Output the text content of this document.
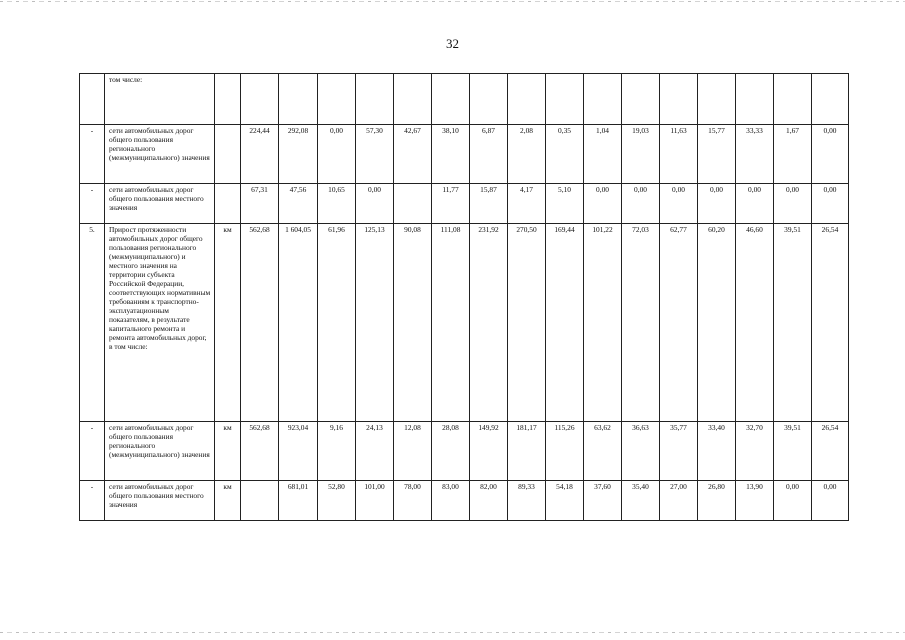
32
	том числе:																		
-	сети автомобильных дорог общего пользования регионального (межмуниципального) значения		224,44	292,08	0,00	57,30	42,67	38,10	6,87	2,08	0,35	1,04	19,03	11,63	15,77	33,33	1,67	0,00	
-	сети автомобильных дорог общего пользования местного значения		67,31	47,56	10,65	0,00		11,77	15,87	4,17	5,10	0,00	0,00	0,00	0,00	0,00	0,00	0,00	
5.	Прирост протяженности автомобильных дорог общего пользования регионального (межмуниципального) и местного значения на территории субъекта Российской Федерации, соответствующих нормативным требованиям к транспортно-эксплуатационным показателям, в результате капитального ремонта и ремонта автомобильных дорог, в том числе:	км	562,68	1 604,05	61,96	125,13	90,08	111,08	231,92	270,50	169,44	101,22	72,03	62,77	60,20	46,60	39,51	26,54	
-	сети автомобильных дорог общего пользования регионального (межмуниципального) значения	км	562,68	923,04	9,16	24,13	12,08	28,08	149,92	181,17	115,26	63,62	36,63	35,77	33,40	32,70	39,51	26,54	
-	сети автомобильных дорог общего пользования местного значения	км		681,01	52,80	101,00	78,00	83,00	82,00	89,33	54,18	37,60	35,40	27,00	26,80	13,90	0,00	0,00	
